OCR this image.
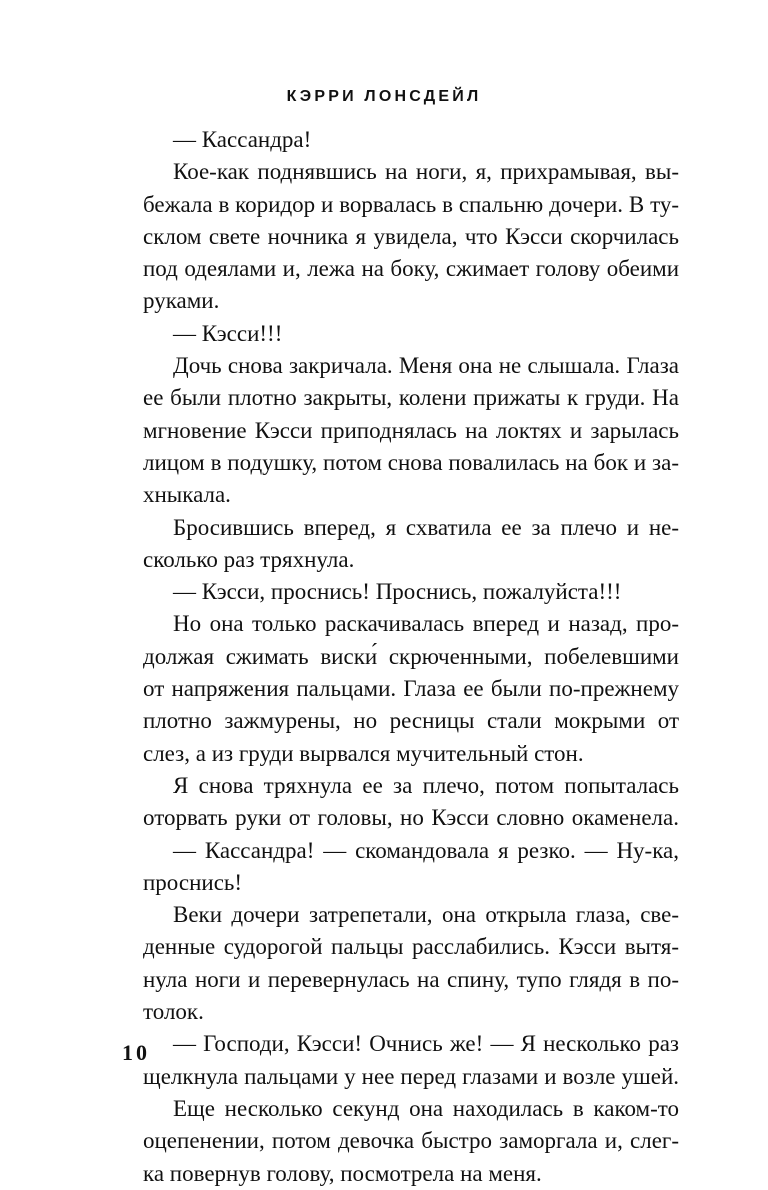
КЭРРИ ЛОНСДЕЙЛ
— Кассандра!
Кое-как поднявшись на ноги, я, прихрамывая, вы-
бежала в коридор и ворвалась в спальню дочери. В ту-
склом свете ночника я увидела, что Кэсси скорчилась
под одеялами и, лежа на боку, сжимает голову обеими
руками.
— Кэсси!!!
Дочь снова закричала. Меня она не слышала. Глаза
ее были плотно закрыты, колени прижаты к груди. На
мгновение Кэсси приподнялась на локтях и зарылась
лицом в подушку, потом снова повалилась на бок и за-
хныкала.
Бросившись вперед, я схватила ее за плечо и не-
сколько раз тряхнула.
— Кэсси, проснись! Проснись, пожалуйста!!!
Но она только раскачивалась вперед и назад, про-
должая сжимать виски́ скрюченными, побелевшими
от напряжения пальцами. Глаза ее были по-прежнему
плотно зажмурены, но ресницы стали мокрыми от
слез, а из груди вырвался мучительный стон.
Я снова тряхнула ее за плечо, потом попыталась
оторвать руки от головы, но Кэсси словно окаменела.
— Кассандра! — скомандовала я резко. — Ну-ка,
проснись!
Веки дочери затрепетали, она открыла глаза, све-
денные судорогой пальцы расслабились. Кэсси вытя-
нула ноги и перевернулась на спину, тупо глядя в по-
толок.
— Господи, Кэсси! Очнись же! — Я несколько раз
щелкнула пальцами у нее перед глазами и возле ушей.
Еще несколько секунд она находилась в каком-то
оцепенении, потом девочка быстро заморгала и, слег-
ка повернув голову, посмотрела на меня.
10
